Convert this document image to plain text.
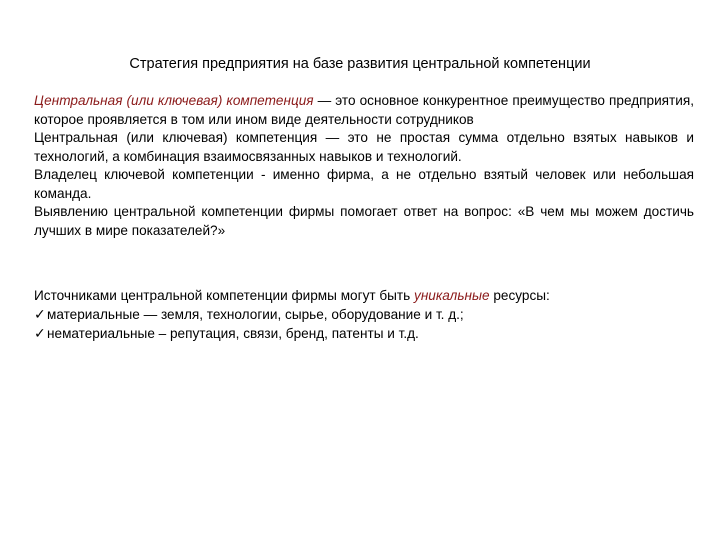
Стратегия предприятия на базе развития центральной компетенции

Центральная (или ключевая) компетенция — это основное конкурентное преимущество предприятия, которое проявляется в том или ином виде деятельности сотрудников

Центральная (или ключевая) компетенция — это не простая сумма отдельно взятых навыков и технологий, а комбинация взаимосвязанных навыков и технологий.

Владелец ключевой компетенции - именно фирма, а не отдельно взятый человек или небольшая команда.

Выявлению центральной компетенции фирмы помогает ответ на вопрос: «В чем мы можем достичь лучших в мире показателей?»

Источниками центральной компетенции фирмы могут быть уникальные ресурсы:

✓материальные — земля, технологии, сырье, оборудование и т. д.;

✓нематериальные – репутация, связи, бренд, патенты и т.д.
